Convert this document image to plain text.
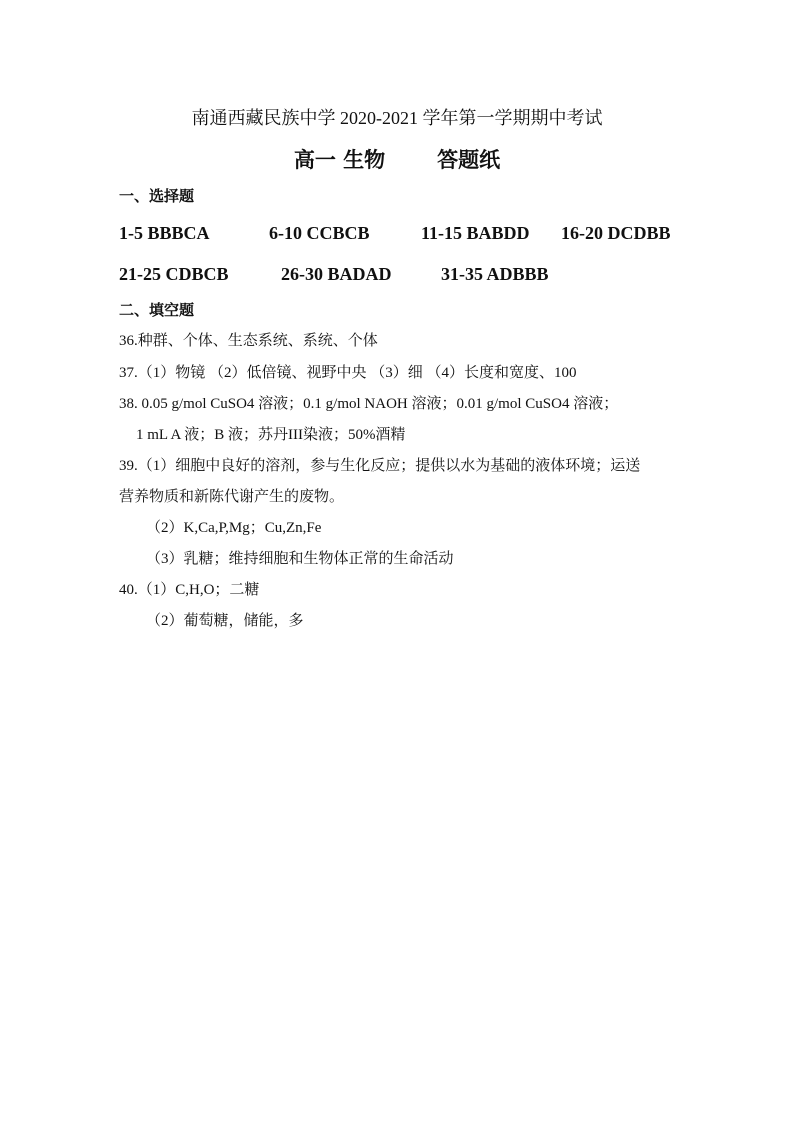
南通西藏民族中学 2020-2021 学年第一学期期中考试
高一 生物 答题纸
一、选择题
1-5 BBBCA	6-10 CCBCB	11-15 BABDD 16-20 DCDBB
21-25 CDBCB	26-30 BADAD	31-35 ADBBB
二、填空题
36.种群、个体、生态系统、系统、个体
37.（1）物镜 （2）低倍镜、视野中央 （3）细 （4）长度和宽度、100
38. 0.05 g/mol CuSO4 溶液；0.1 g/mol NAOH 溶液；0.01 g/mol CuSO4 溶液；
1 mL A 液；B 液；苏丹III染液；50%酒精
39.（1）细胞中良好的溶剂，参与生化反应；提供以水为基础的液体环境；运送
营养物质和新陈代谢产生的废物。
（2）K,Ca,P,Mg；Cu,Zn,Fe
（3）乳糖；维持细胞和生物体正常的生命活动
40.（1）C,H,O；二糖
（2）葡萄糖，储能，多
